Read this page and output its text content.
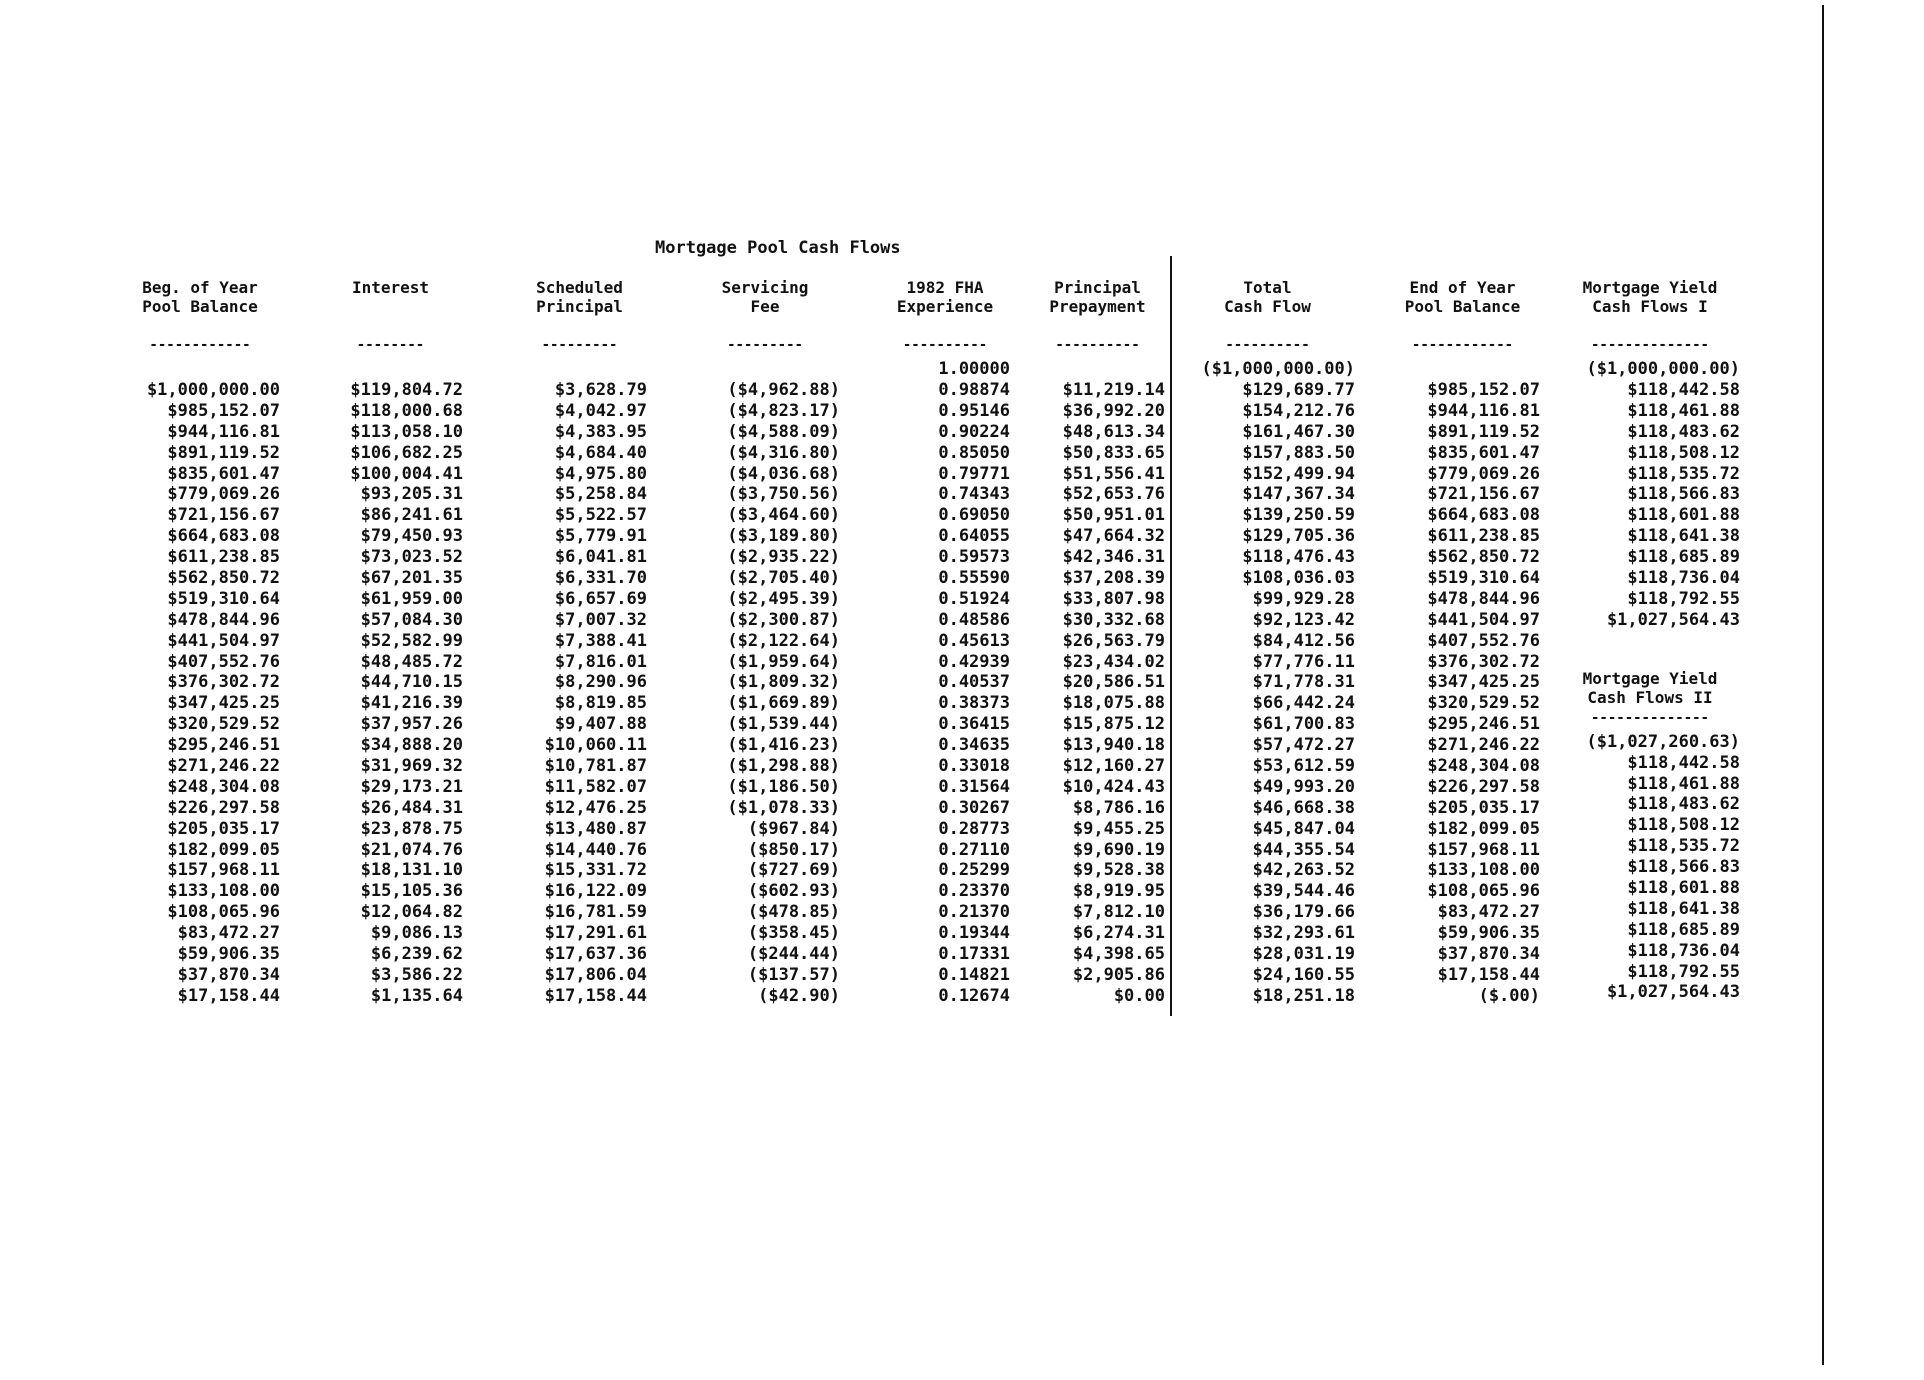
Mortgage Pool Cash Flows
Beg. of Year
Pool Balance
------------
$1,000,000.00
$985,152.07
$944,116.81
$891,119.52
$835,601.47
$779,069.26
$721,156.67
$664,683.08
$611,238.85
$562,850.72
$519,310.64
$478,844.96
$441,504.97
$407,552.76
$376,302.72
$347,425.25
$320,529.52
$295,246.51
$271,246.22
$248,304.08
$226,297.58
$205,035.17
$182,099.05
$157,968.11
$133,108.00
$108,065.96
$83,472.27
$59,906.35
$37,870.34
$17,158.44
Interest
--------
$119,804.72
$118,000.68
$113,058.10
$106,682.25
$100,004.41
$93,205.31
$86,241.61
$79,450.93
$73,023.52
$67,201.35
$61,959.00
$57,084.30
$52,582.99
$48,485.72
$44,710.15
$41,216.39
$37,957.26
$34,888.20
$31,969.32
$29,173.21
$26,484.31
$23,878.75
$21,074.76
$18,131.10
$15,105.36
$12,064.82
$9,086.13
$6,239.62
$3,586.22
$1,135.64
Scheduled
Principal
---------
$3,628.79
$4,042.97
$4,383.95
$4,684.40
$4,975.80
$5,258.84
$5,522.57
$5,779.91
$6,041.81
$6,331.70
$6,657.69
$7,007.32
$7,388.41
$7,816.01
$8,290.96
$8,819.85
$9,407.88
$10,060.11
$10,781.87
$11,582.07
$12,476.25
$13,480.87
$14,440.76
$15,331.72
$16,122.09
$16,781.59
$17,291.61
$17,637.36
$17,806.04
$17,158.44
Servicing
Fee
---------
($4,962.88)
($4,823.17)
($4,588.09)
($4,316.80)
($4,036.68)
($3,750.56)
($3,464.60)
($3,189.80)
($2,935.22)
($2,705.40)
($2,495.39)
($2,300.87)
($2,122.64)
($1,959.64)
($1,809.32)
($1,669.89)
($1,539.44)
($1,416.23)
($1,298.88)
($1,186.50)
($1,078.33)
($967.84)
($850.17)
($727.69)
($602.93)
($478.85)
($358.45)
($244.44)
($137.57)
($42.90)
1982 FHA
Experience
----------
1.00000
0.98874
0.95146
0.90224
0.85050
0.79771
0.74343
0.69050
0.64055
0.59573
0.55590
0.51924
0.48586
0.45613
0.42939
0.40537
0.38373
0.36415
0.34635
0.33018
0.31564
0.30267
0.28773
0.27110
0.25299
0.23370
0.21370
0.19344
0.17331
0.14821
0.12674
Principal
Prepayment
----------
$11,219.14
$36,992.20
$48,613.34
$50,833.65
$51,556.41
$52,653.76
$50,951.01
$47,664.32
$42,346.31
$37,208.39
$33,807.98
$30,332.68
$26,563.79
$23,434.02
$20,586.51
$18,075.88
$15,875.12
$13,940.18
$12,160.27
$10,424.43
$8,786.16
$9,455.25
$9,690.19
$9,528.38
$8,919.95
$7,812.10
$6,274.31
$4,398.65
$2,905.86
$0.00
Total
Cash Flow
----------
($1,000,000.00)
$129,689.77
$154,212.76
$161,467.30
$157,883.50
$152,499.94
$147,367.34
$139,250.59
$129,705.36
$118,476.43
$108,036.03
$99,929.28
$92,123.42
$84,412.56
$77,776.11
$71,778.31
$66,442.24
$61,700.83
$57,472.27
$53,612.59
$49,993.20
$46,668.38
$45,847.04
$44,355.54
$42,263.52
$39,544.46
$36,179.66
$32,293.61
$28,031.19
$24,160.55
$18,251.18
End of Year
Pool Balance
------------
$985,152.07
$944,116.81
$891,119.52
$835,601.47
$779,069.26
$721,156.67
$664,683.08
$611,238.85
$562,850.72
$519,310.64
$478,844.96
$441,504.97
$407,552.76
$376,302.72
$347,425.25
$320,529.52
$295,246.51
$271,246.22
$248,304.08
$226,297.58
$205,035.17
$182,099.05
$157,968.11
$133,108.00
$108,065.96
$83,472.27
$59,906.35
$37,870.34
$17,158.44
($.00)
Mortgage Yield
Cash Flows I
--------------
($1,000,000.00)
$118,442.58
$118,461.88
$118,483.62
$118,508.12
$118,535.72
$118,566.83
$118,601.88
$118,641.38
$118,685.89
$118,736.04
$118,792.55
$1,027,564.43
Mortgage Yield
Cash Flows II
--------------
($1,027,260.63)
$118,442.58
$118,461.88
$118,483.62
$118,508.12
$118,535.72
$118,566.83
$118,601.88
$118,641.38
$118,685.89
$118,736.04
$118,792.55
$1,027,564.43
